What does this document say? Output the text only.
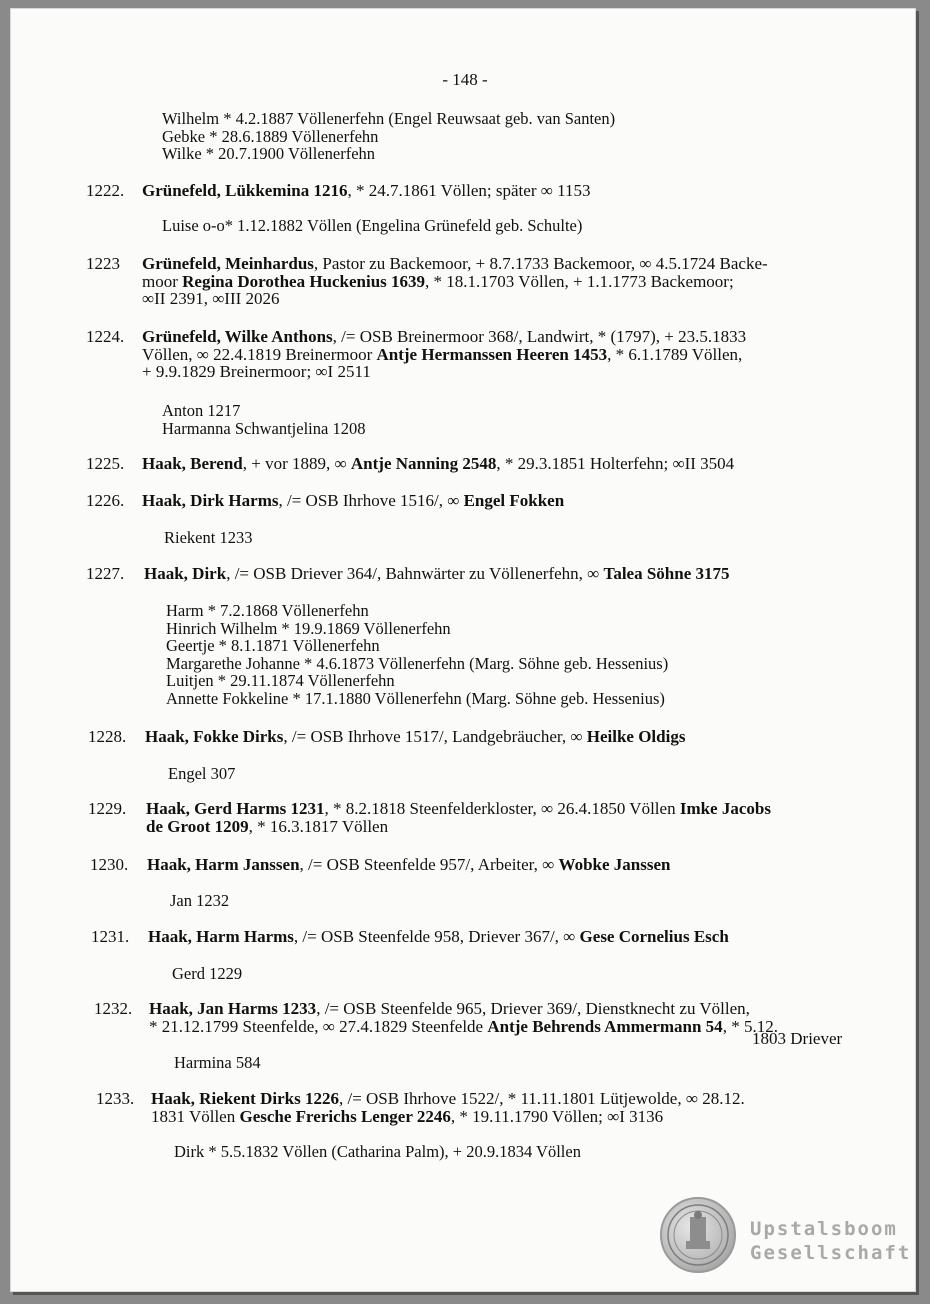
- 148 -
Wilhelm * 4.2.1887 Völlenerfehn (Engel Reuwsaat geb. van Santen)
Gebke * 28.6.1889 Völlenerfehn
Wilke * 20.7.1900 Völlenerfehn
1222.	Grünefeld, Lükkemina 1216, * 24.7.1861 Völlen; später ∞ 1153
Luise o-o* 1.12.1882 Völlen (Engelina Grünefeld geb. Schulte)
1223	Grünefeld, Meinhardus, Pastor zu Backemoor, + 8.7.1733 Backemoor, ∞ 4.5.1724 Backe-
moor Regina Dorothea Huckenius 1639, * 18.1.1703 Völlen, + 1.1.1773 Backemoor;
∞II 2391, ∞III 2026
1224.	Grünefeld, Wilke Anthons, /= OSB Breinermoor 368/, Landwirt, * (1797), + 23.5.1833
Völlen, ∞ 22.4.1819 Breinermoor Antje Hermanssen Heeren 1453, * 6.1.1789 Völlen,
+ 9.9.1829 Breinermoor; ∞I 2511
Anton 1217
Harmanna Schwantjelina 1208
1225.	Haak, Berend, + vor 1889, ∞ Antje Nanning 2548, * 29.3.1851 Holterfehn; ∞II 3504
1226.	Haak, Dirk Harms, /= OSB Ihrhove 1516/, ∞ Engel Fokken
Riekent 1233
1227.	Haak, Dirk, /= OSB Driever 364/, Bahnwärter zu Völlenerfehn, ∞ Talea Söhne 3175
Harm * 7.2.1868 Völlenerfehn
Hinrich Wilhelm * 19.9.1869 Völlenerfehn
Geertje * 8.1.1871 Völlenerfehn
Margarethe Johanne * 4.6.1873 Völlenerfehn (Marg. Söhne geb. Hessenius)
Luitjen * 29.11.1874 Völlenerfehn
Annette Fokkeline * 17.1.1880 Völlenerfehn (Marg. Söhne geb. Hessenius)
1228.	Haak, Fokke Dirks, /= OSB Ihrhove 1517/, Landgebräucher, ∞ Heilke Oldigs
Engel 307
1229.	Haak, Gerd Harms 1231, * 8.2.1818 Steenfelderkloster, ∞ 26.4.1850 Völlen Imke Jacobs
de Groot 1209, * 16.3.1817 Völlen
1230.	Haak, Harm Janssen, /= OSB Steenfelde 957/, Arbeiter, ∞ Wobke Janssen
Jan 1232
1231.	Haak, Harm Harms, /= OSB Steenfelde 958, Driever 367/, ∞ Gese Cornelius Esch
Gerd 1229
1232. Haak, Jan Harms 1233, /= OSB Steenfelde 965, Driever 369/, Dienstknecht zu Völlen,
* 21.12.1799 Steenfelde, ∞ 27.4.1829 Steenfelde Antje Behrends Ammermann 54, * 5.12.
1803 Driever
Harmina 584
1233. Haak, Riekent Dirks 1226, /= OSB Ihrhove 1522/, * 11.11.1801 Lütjewolde, ∞ 28.12.
1831 Völlen Gesche Frerichs Lenger 2246, * 19.11.1790 Völlen; ∞I 3136
Dirk * 5.5.1832 Völlen (Catharina Palm), + 20.9.1834 Völlen
Upstalsboom
Gesellschaft
